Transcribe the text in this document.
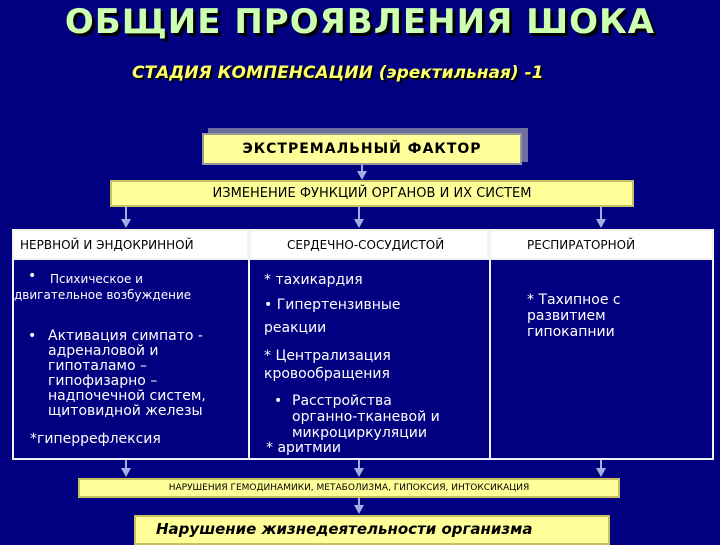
ОБЩИЕ ПРОЯВЛЕНИЯ ШОКА
СТАДИЯ КОМПЕНСАЦИИ (эректильная) -1
ЭКСТРЕМАЛЬНЫЙ ФАКТОР
ИЗМЕНЕНИЕ ФУНКЦИЙ ОРГАНОВ И ИХ СИСТЕМ
НЕРВНОЙ И ЭНДОКРИННОЙ	СЕРДЕЧНО-СОСУДИСТОЙ	РЕСПИРАТОРНОЙ
• Психическое и
двигательное возбуждение
• Активация симпато -
адреналовой и
гипоталамо –
гипофизарно –
надпочечной систем,
щитовидной железы
*гиперрефлексия
* тахикардия
• Гипертензивные
реакции
* Централизация
кровообращения
• Расстройства
органно-тканевой и
микроциркуляции
* аритмии
* Тахипное с
развитием
гипокапнии
НАРУШЕНИЯ ГЕМОДИНАМИКИ, МЕТАБОЛИЗМА, ГИПОКСИЯ, ИНТОКСИКАЦИЯ
Нарушение жизнедеятельности организма
